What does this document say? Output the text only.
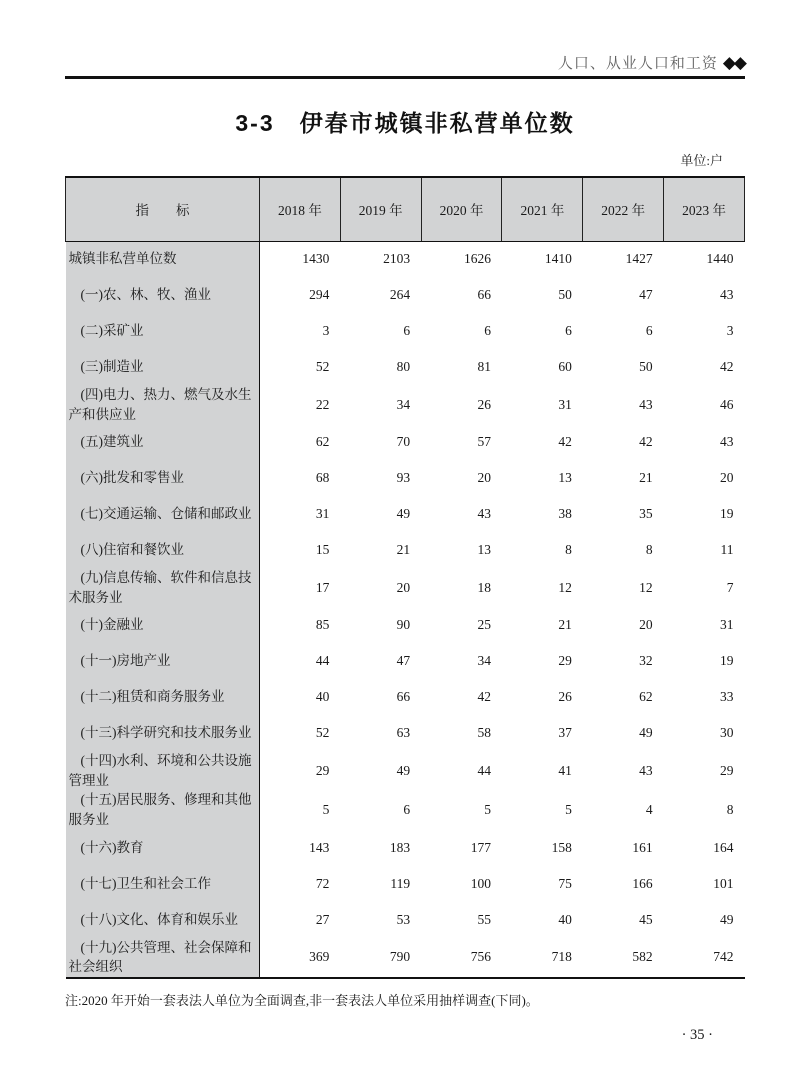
人口、从业人口和工资 ◆◆
3-3　伊春市城镇非私营单位数
单位:户
指　　标	2018 年	2019 年	2020 年	2021 年	2022 年	2023 年
城镇非私营单位数	1430	2103	1626	1410	1427	1440
(一)农、林、牧、渔业	294	264	66	50	47	43
(二)采矿业	3	6	6	6	6	3
(三)制造业	52	80	81	60	50	42
(四)电力、热力、燃气及水生产和供应业	22	34	26	31	43	46
(五)建筑业	62	70	57	42	42	43
(六)批发和零售业	68	93	20	13	21	20
(七)交通运输、仓储和邮政业	31	49	43	38	35	19
(八)住宿和餐饮业	15	21	13	8	8	11
(九)信息传输、软件和信息技术服务业	17	20	18	12	12	7
(十)金融业	85	90	25	21	20	31
(十一)房地产业	44	47	34	29	32	19
(十二)租赁和商务服务业	40	66	42	26	62	33
(十三)科学研究和技术服务业	52	63	58	37	49	30
(十四)水利、环境和公共设施管理业	29	49	44	41	43	29
(十五)居民服务、修理和其他服务业	5	6	5	5	4	8
(十六)教育	143	183	177	158	161	164
(十七)卫生和社会工作	72	119	100	75	166	101
(十八)文化、体育和娱乐业	27	53	55	40	45	49
(十九)公共管理、社会保障和社会组织	369	790	756	718	582	742
注:2020 年开始一套表法人单位为全面调查,非一套表法人单位采用抽样调查(下同)。
· 35 ·
